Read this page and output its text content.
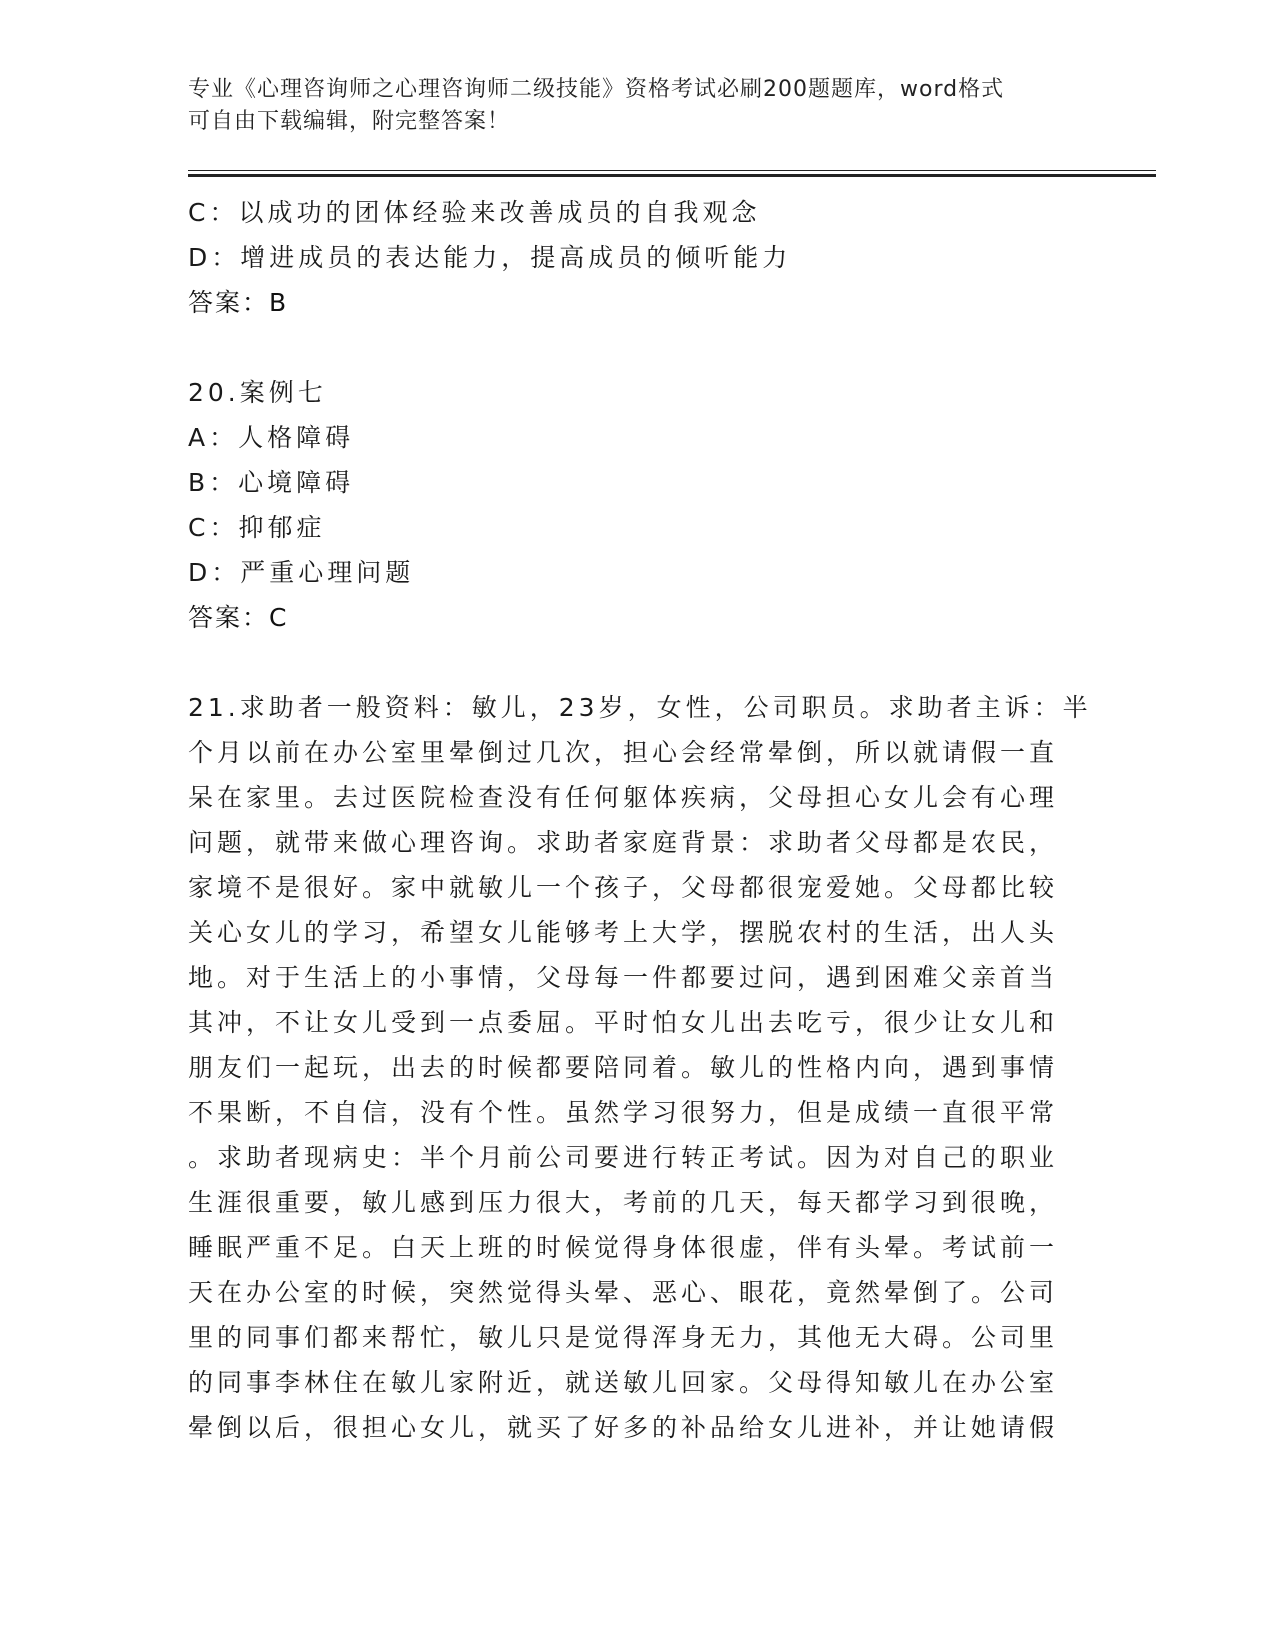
专业《心理咨询师之心理咨询师二级技能》资格考试必刷200题题库，word格式
可自由下载编辑，附完整答案！
C：以成功的团体经验来改善成员的自我观念
D：增进成员的表达能力，提高成员的倾听能力
答案：B
20.案例七
A：人格障碍
B：心境障碍
C：抑郁症
D：严重心理问题
答案：C
21.求助者一般资料：敏儿，23岁，女性，公司职员。求助者主诉：半
个月以前在办公室里晕倒过几次，担心会经常晕倒，所以就请假一直
呆在家里。去过医院检查没有任何躯体疾病，父母担心女儿会有心理
问题，就带来做心理咨询。求助者家庭背景：求助者父母都是农民，
家境不是很好。家中就敏儿一个孩子，父母都很宠爱她。父母都比较
关心女儿的学习，希望女儿能够考上大学，摆脱农村的生活，出人头
地。对于生活上的小事情，父母每一件都要过问，遇到困难父亲首当
其冲，不让女儿受到一点委屈。平时怕女儿出去吃亏，很少让女儿和
朋友们一起玩，出去的时候都要陪同着。敏儿的性格内向，遇到事情
不果断，不自信，没有个性。虽然学习很努力，但是成绩一直很平常
。求助者现病史：半个月前公司要进行转正考试。因为对自己的职业
生涯很重要，敏儿感到压力很大，考前的几天，每天都学习到很晚，
睡眠严重不足。白天上班的时候觉得身体很虚，伴有头晕。考试前一
天在办公室的时候，突然觉得头晕、恶心、眼花，竟然晕倒了。公司
里的同事们都来帮忙，敏儿只是觉得浑身无力，其他无大碍。公司里
的同事李林住在敏儿家附近，就送敏儿回家。父母得知敏儿在办公室
晕倒以后，很担心女儿，就买了好多的补品给女儿进补，并让她请假
